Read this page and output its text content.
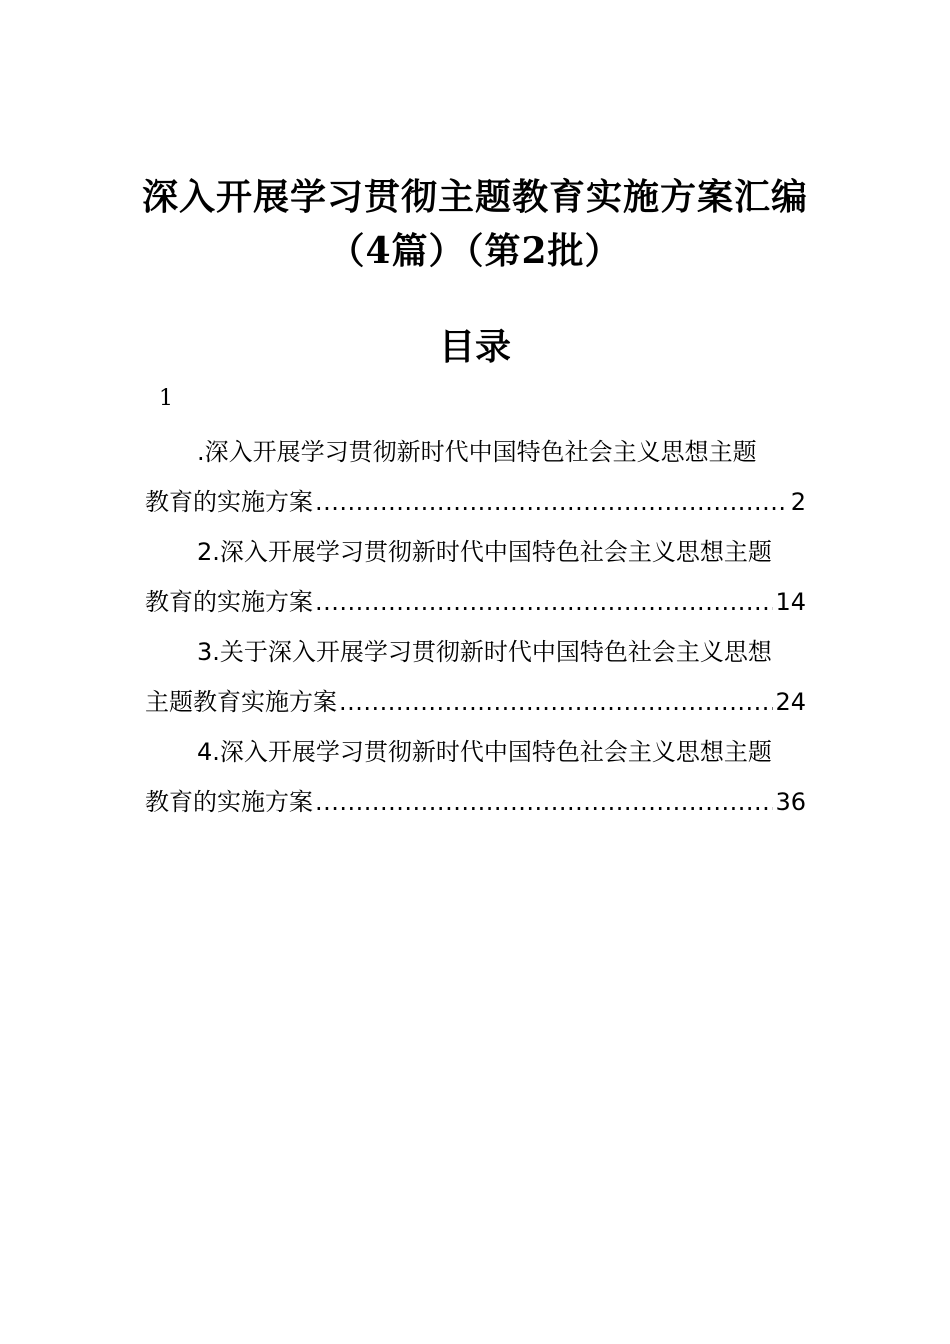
深入开展学习贯彻主题教育实施方案汇编
（4篇）（第2批）
目录
1
.深入开展学习贯彻新时代中国特色社会主义思想主题
教育的实施方案 .....	2
2.深入开展学习贯彻新时代中国特色社会主义思想主题
教育的实施方案 .....	14
3.关于深入开展学习贯彻新时代中国特色社会主义思想
主题教育实施方案 .....	24
4.深入开展学习贯彻新时代中国特色社会主义思想主题
教育的实施方案 .....	36
